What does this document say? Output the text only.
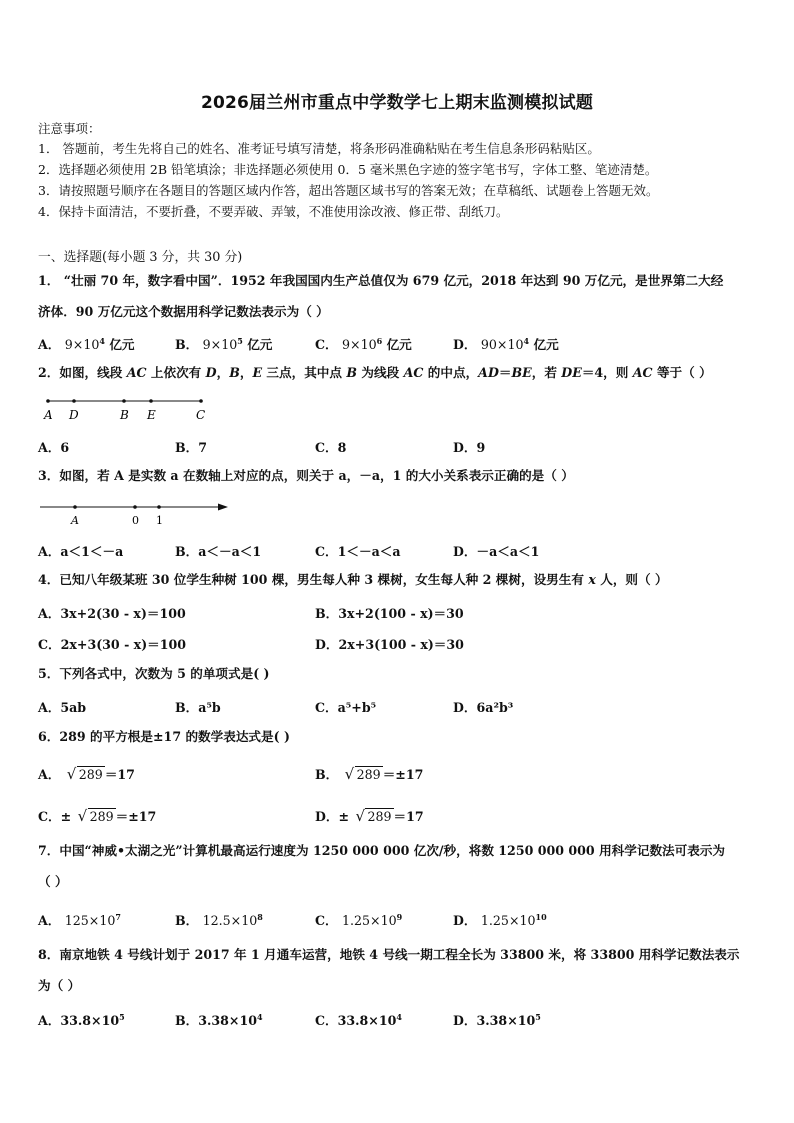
2026届兰州市重点中学数学七上期末监测模拟试题
注意事项：
1． 答题前，考生先将自己的姓名、准考证号填写清楚，将条形码准确粘贴在考生信息条形码粘贴区。
2．选择题必须使用 2B 铅笔填涂；非选择题必须使用 0．5 毫米黑色字迹的签字笔书写，字体工整、笔迹清楚。
3．请按照题号顺序在各题目的答题区域内作答，超出答题区域书写的答案无效；在草稿纸、试题卷上答题无效。
4．保持卡面清洁，不要折叠，不要弄破、弄皱，不准使用涂改液、修正带、刮纸刀。
一、选择题(每小题 3 分，共 30 分)
1． “壮丽 70 年，数字看中国”．1952 年我国国内生产总值仅为 679 亿元，2018 年达到 90 万亿元，是世界第二大经
济体．90 万亿元这个数据用科学记数法表示为（ ）
A． $9\times 10^4$ 亿元	B． $9\times 10^5$ 亿元	C． $9\times 10^6$ 亿元	D． $90\times 10^4$ 亿元
2．如图，线段 AC 上依次有 D，B，E 三点，其中点 B 为线段 AC 的中点，AD＝BE，若 DE＝4，则 AC 等于（ ）
A D	B E	C
A．6	B．7	C．8	D．9
3．如图，若 A 是实数 a 在数轴上对应的点，则关于 a，－a，1 的大小关系表示正确的是（ ）
A	0 1
A．a＜1＜－a	B．a＜－a＜1	C．1＜－a＜a	D．－a＜a＜1
4．已知八年级某班 30 位学生种树 100 棵，男生每人种 3 棵树，女生每人种 2 棵树，设男生有 x 人，则（ ）
A．3x+2(30 - x)＝100	B．3x+2(100 - x)＝30
C．2x+3(30 - x)＝100	D．2x+3(100 - x)＝30
5．下列各式中，次数为 5 的单项式是( )
A．5ab	B．a⁵b	C．a⁵+b⁵	D．6a²b³
6．289 的平方根是±17 的数学表达式是( )
A． √ 289 ＝17	B． √ 289 ＝±17
C．± √ 289 ＝±17	D．± √ 289 ＝17
7．中国“神威•太湖之光”计算机最高运行速度为 1250 000 000 亿次/秒，将数 1250 000 000 用科学记数法可表示为
（ ）
A． $125\times 10^7$	B． $12.5\times 10^8$	C． $1.25\times 10^9$	D． $1.25\times 10^{10}$
8．南京地铁 4 号线计划于 2017 年 1 月通车运营，地铁 4 号线一期工程全长为 33800 米，将 33800 用科学记数法表示
为（ ）
A．$33.8\times 10^5$	B．$3.38\times 10^4$	C．$33.8\times 10^4$	D．$3.38\times 10^5$
